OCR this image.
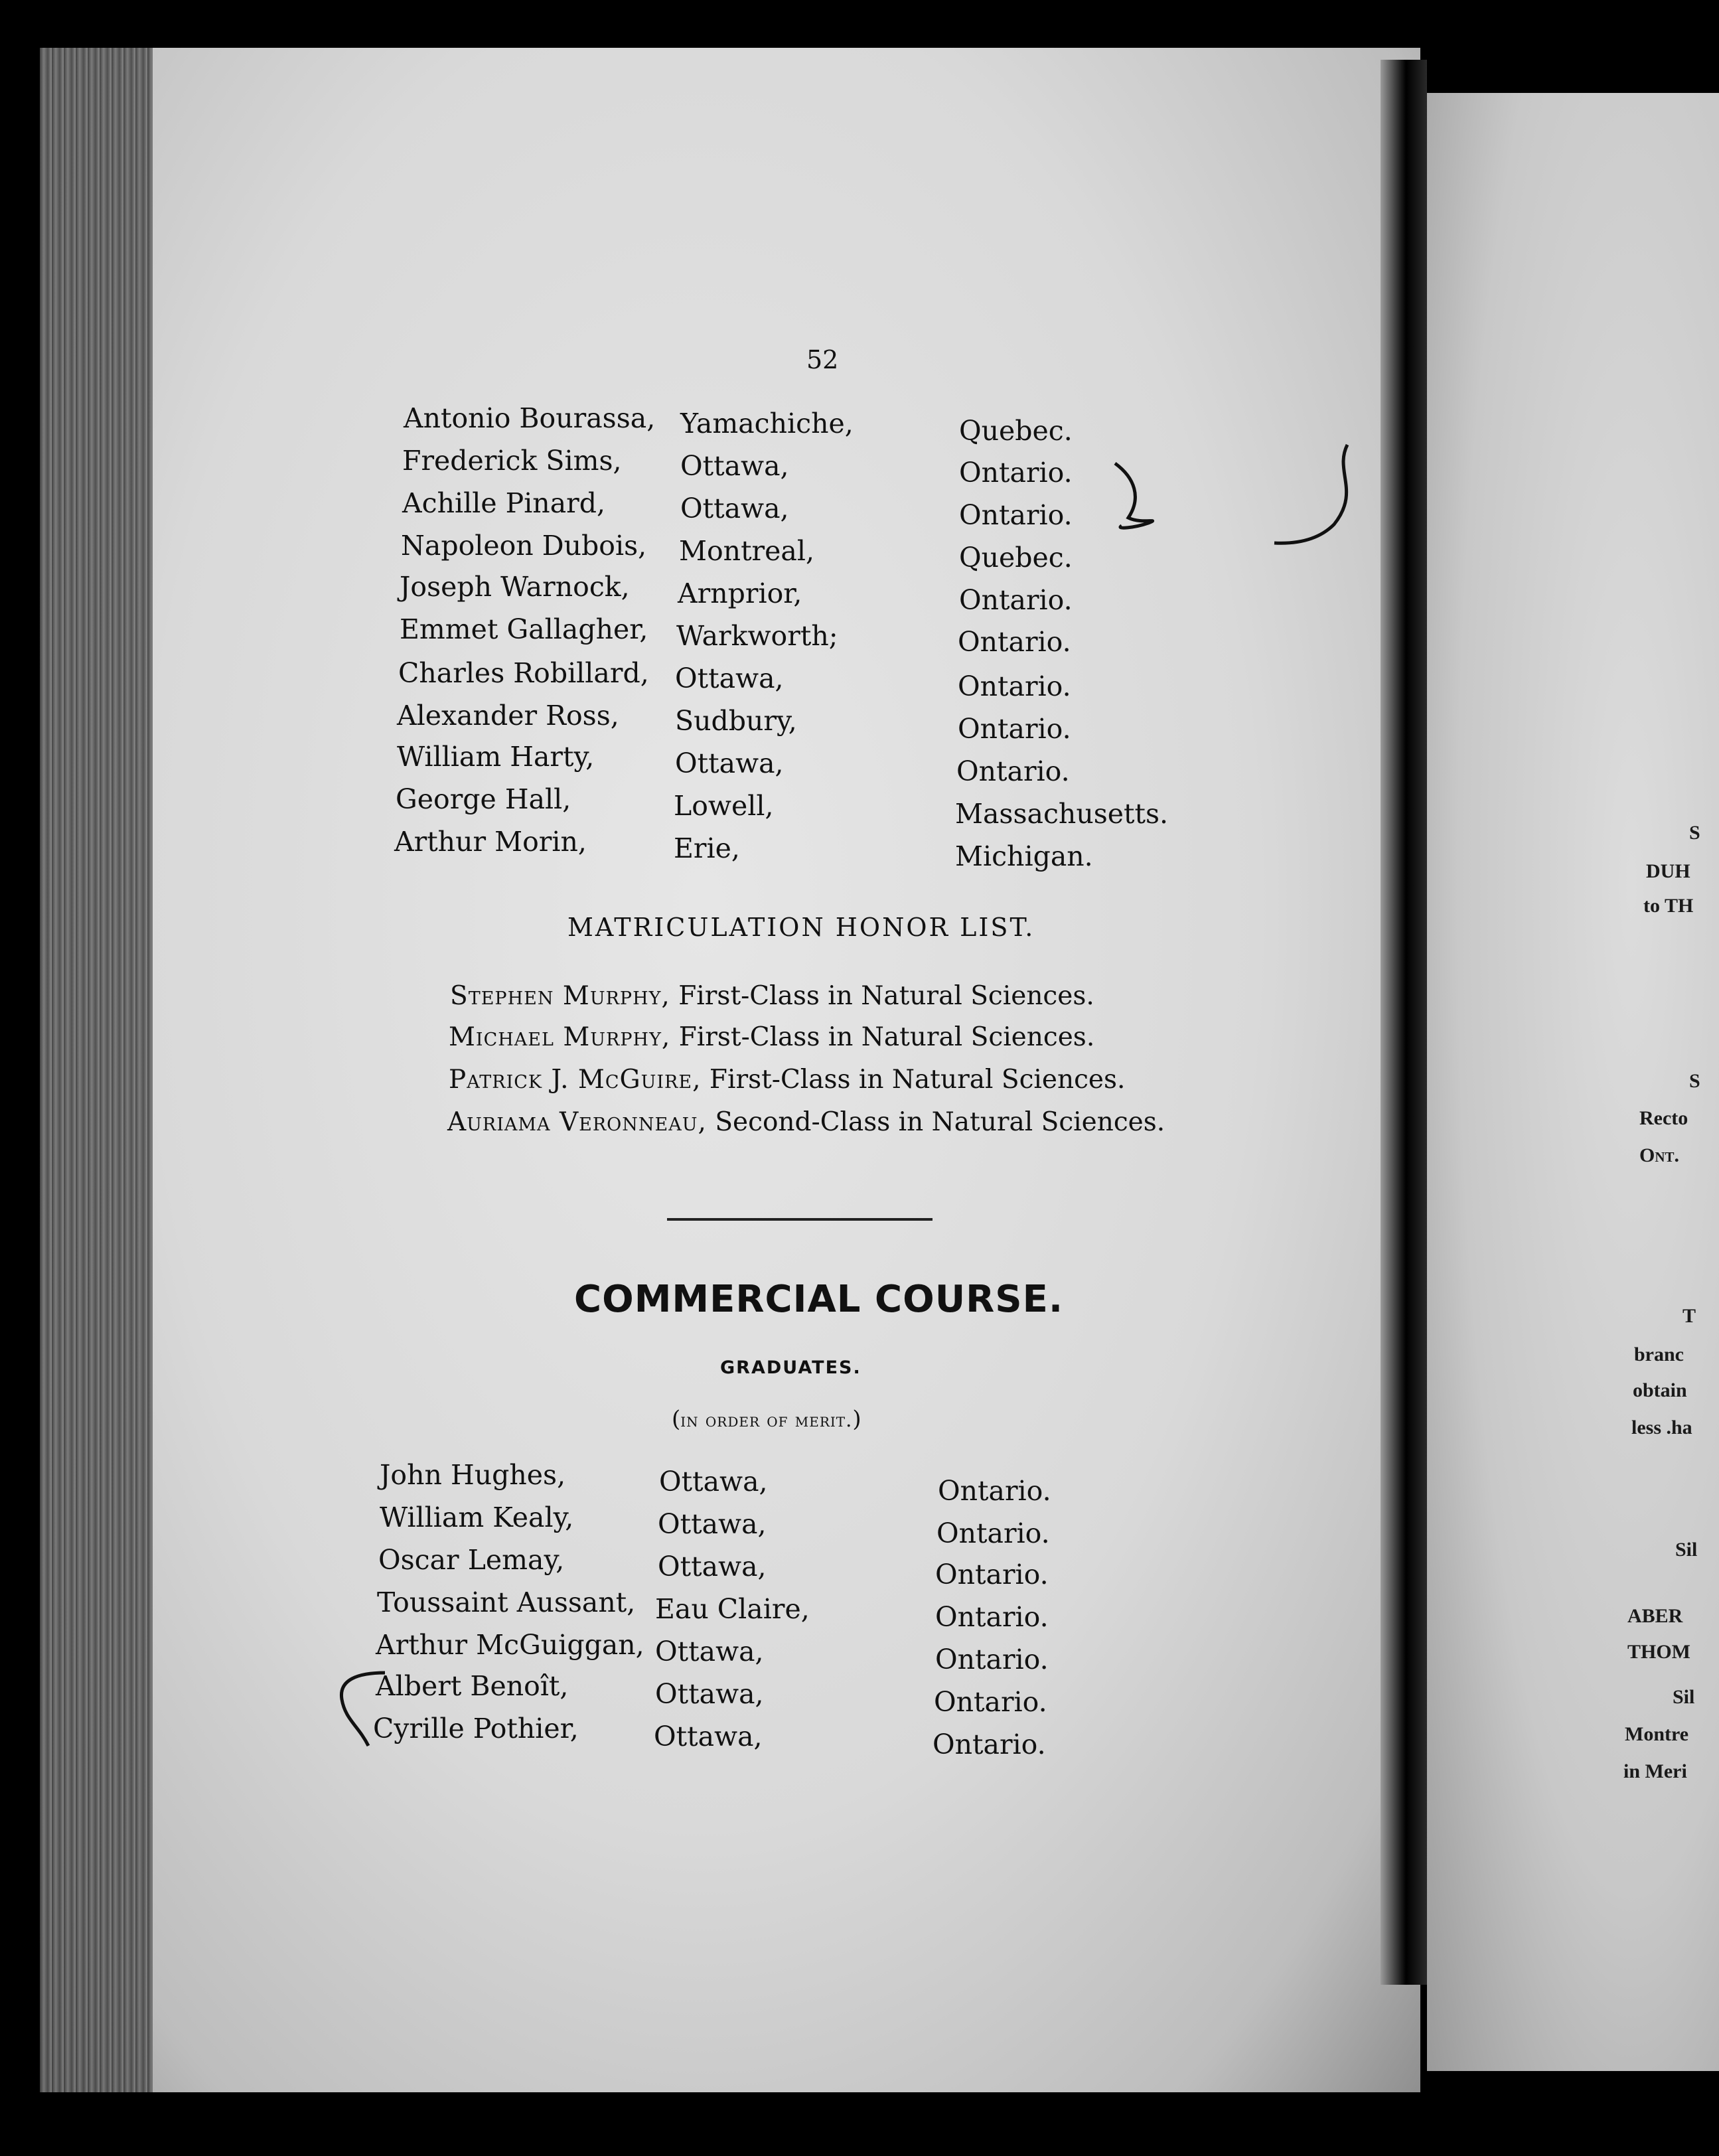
52
Antonio Bourassa, Yamachiche,	Quebec.
Frederick Sims, Ottawa,	Ontario.
Achille Pinard,	Ottawa,	Ontario.
Napoleon Dubois, Montreal,	Quebec.
Joseph Warnock, Arnprior,	Ontario.
Emmet Gallagher, Warkworth;	Ontario.
Charles Robillard, Ottawa,	Ontario.
Alexander Ross, Sudbury,	Ontario.
William Harty,	Ottawa,	Ontario.
George Hall,	Lowell,	Massachusetts.
Arthur Morin,	Erie,	Michigan.
MATRICULATION HONOR LIST.
Stephen Murphy, First-Class in Natural Sciences.
Michael Murphy, First-Class in Natural Sciences.
Patrick J. McGuire, First-Class in Natural Sciences.
Auriama Veronneau, Second-Class in Natural Sciences.
COMMERCIAL COURSE.
GRADUATES.
(in order of merit.)
John Hughes,	Ottawa,	Ontario.
William Kealy,	Ottawa,	Ontario.
Oscar Lemay,	Ottawa,	Ontario.
Toussaint Aussant, Eau Claire,	Ontario.
Arthur McGuiggan, Ottawa,	Ontario.
Albert Benoît,	Ottawa,	Ontario.
Cyrille Pothier,	Ottawa,	Ontario.
S
DUH
to TH
S
Recto
Ont.
T
branc
obtain
less .ha
Sil
ABER
THOM
Sil
Montre
in Meri
